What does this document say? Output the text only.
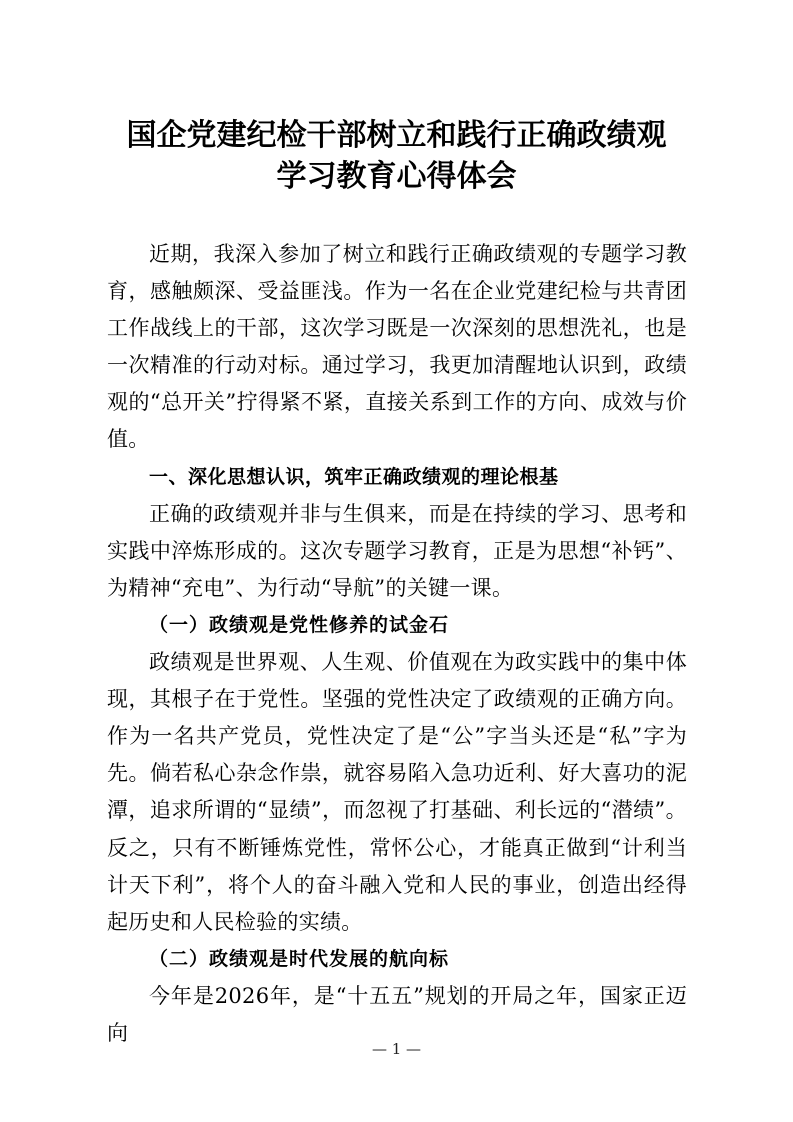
国企党建纪检干部树立和践行正确政绩观
学习教育心得体会

近期，我深入参加了树立和践行正确政绩观的专题学习教育，感触颇深、受益匪浅。作为一名在企业党建纪检与共青团工作战线上的干部，这次学习既是一次深刻的思想洗礼，也是一次精准的行动对标。通过学习，我更加清醒地认识到，政绩观的“总开关”拧得紧不紧，直接关系到工作的方向、成效与价值。

一、深化思想认识，筑牢正确政绩观的理论根基

正确的政绩观并非与生俱来，而是在持续的学习、思考和实践中淬炼形成的。这次专题学习教育，正是为思想“补钙”、为精神“充电”、为行动“导航”的关键一课。

（一）政绩观是党性修养的试金石

政绩观是世界观、人生观、价值观在为政实践中的集中体现，其根子在于党性。坚强的党性决定了政绩观的正确方向。作为一名共产党员，党性决定了是“公”字当头还是“私”字为先。倘若私心杂念作祟，就容易陷入急功近利、好大喜功的泥潭，追求所谓的“显绩”，而忽视了打基础、利长远的“潜绩”。反之，只有不断锤炼党性，常怀公心，才能真正做到“计利当计天下利”，将个人的奋斗融入党和人民的事业，创造出经得起历史和人民检验的实绩。

（二）政绩观是时代发展的航向标

今年是2026年，是“十五五”规划的开局之年，国家正迈向

— 1 —
